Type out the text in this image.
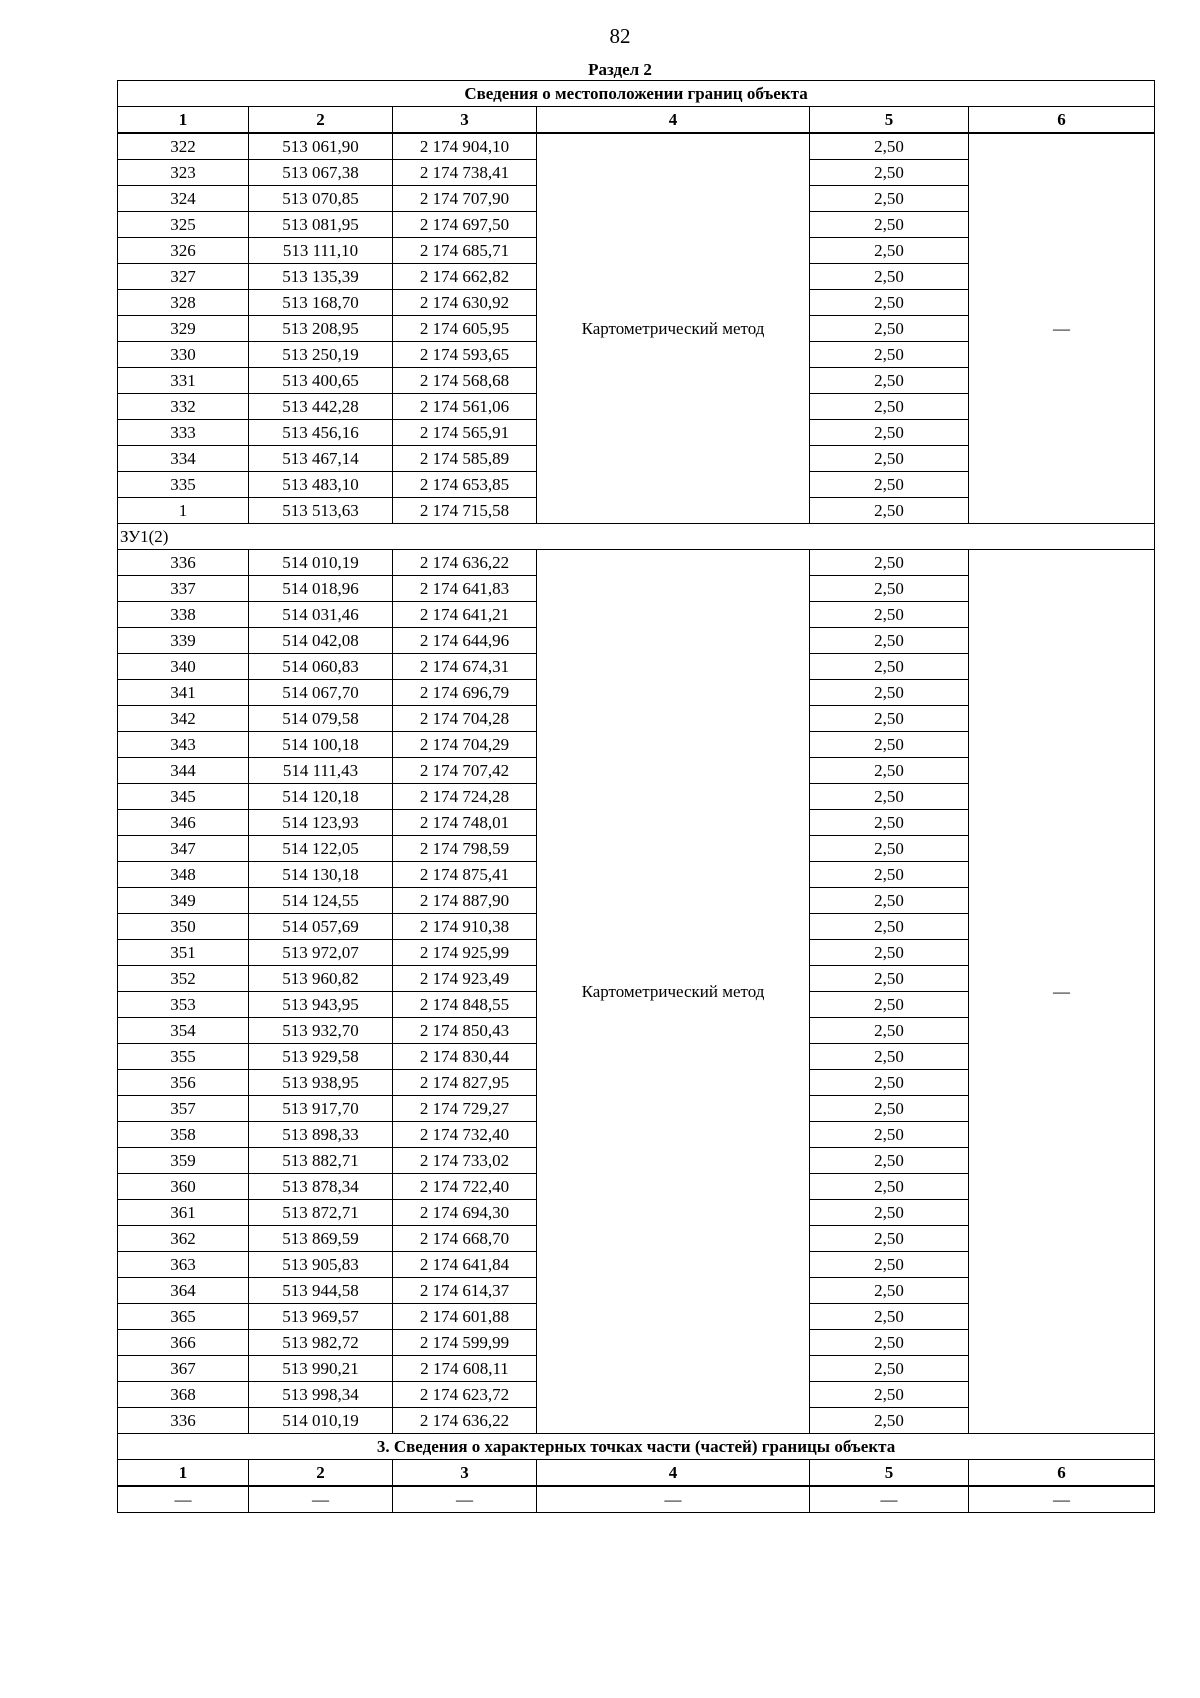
82
Раздел 2
Сведения о местоположении границ объекта					
1	2	3	4	5	6
322	513 061,90	2 174 904,10	Картометрический метод	2,50	—
323	513 067,38	2 174 738,41		2,50	
324	513 070,85	2 174 707,90		2,50	
325	513 081,95	2 174 697,50		2,50	
326	513 111,10	2 174 685,71		2,50	
327	513 135,39	2 174 662,82		2,50	
328	513 168,70	2 174 630,92		2,50	
329	513 208,95	2 174 605,95		2,50	
330	513 250,19	2 174 593,65		2,50	
331	513 400,65	2 174 568,68		2,50	
332	513 442,28	2 174 561,06		2,50	
333	513 456,16	2 174 565,91		2,50	
334	513 467,14	2 174 585,89		2,50	
335	513 483,10	2 174 653,85		2,50	
1	513 513,63	2 174 715,58		2,50	
ЗУ1(2)					
336	514 010,19	2 174 636,22	Картометрический метод	2,50	—
337	514 018,96	2 174 641,83		2,50	
338	514 031,46	2 174 641,21		2,50	
339	514 042,08	2 174 644,96		2,50	
340	514 060,83	2 174 674,31		2,50	
341	514 067,70	2 174 696,79		2,50	
342	514 079,58	2 174 704,28		2,50	
343	514 100,18	2 174 704,29		2,50	
344	514 111,43	2 174 707,42		2,50	
345	514 120,18	2 174 724,28		2,50	
346	514 123,93	2 174 748,01		2,50	
347	514 122,05	2 174 798,59		2,50	
348	514 130,18	2 174 875,41		2,50	
349	514 124,55	2 174 887,90		2,50	
350	514 057,69	2 174 910,38		2,50	
351	513 972,07	2 174 925,99		2,50	
352	513 960,82	2 174 923,49		2,50	
353	513 943,95	2 174 848,55		2,50	
354	513 932,70	2 174 850,43		2,50	
355	513 929,58	2 174 830,44		2,50	
356	513 938,95	2 174 827,95		2,50	
357	513 917,70	2 174 729,27		2,50	
358	513 898,33	2 174 732,40		2,50	
359	513 882,71	2 174 733,02		2,50	
360	513 878,34	2 174 722,40		2,50	
361	513 872,71	2 174 694,30		2,50	
362	513 869,59	2 174 668,70		2,50	
363	513 905,83	2 174 641,84		2,50	
364	513 944,58	2 174 614,37		2,50	
365	513 969,57	2 174 601,88		2,50	
366	513 982,72	2 174 599,99		2,50	
367	513 990,21	2 174 608,11		2,50	
368	513 998,34	2 174 623,72		2,50	
336	514 010,19	2 174 636,22		2,50	
3. Сведения о характерных точках части (частей) границы объекта					
1	2	3	4	5	6
—	—	—	—	—	—
